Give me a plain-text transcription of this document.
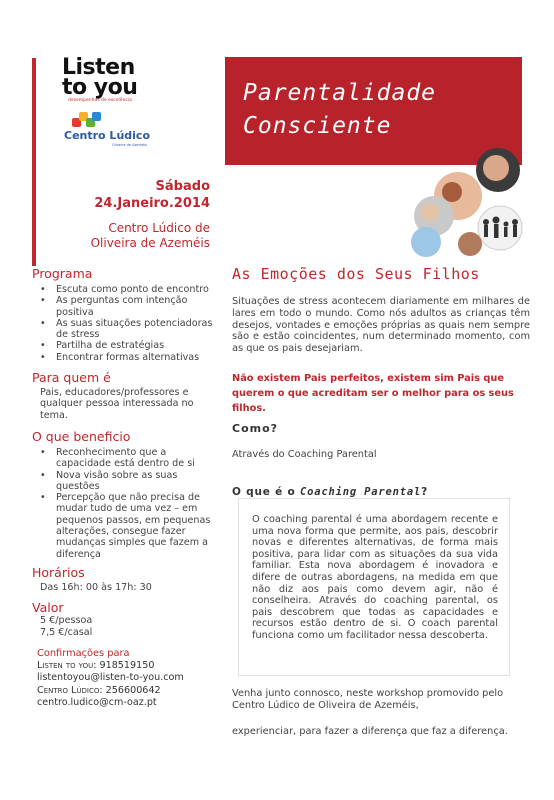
Listen
to you
desempenhos de excelência
Centro Lúdico
Oliveira de Azeméis
Sábado
24.Janeiro.2014
Centro Lúdico de
Oliveira de Azeméis
Parentalidade
Consciente
Programa
• Escuta como ponto de encontro
• As perguntas com intenção positiva
• As suas situações potenciadoras de stress
• Partilha de estratégias
• Encontrar formas alternativas
Para quem é
Pais, educadores/professores e qualquer pessoa interessada no tema.
O que beneficio
• Reconhecimento que a capacidade está dentro de si
• Nova visão sobre as suas questões
• Percepção que não precisa de mudar tudo de uma vez – em pequenos passos, em pequenas alterações, consegue fazer mudanças simples que fazem a diferença
Horários
Das 16h: 00 às 17h: 30
Valor
5 €/pessoa
7,5 €/casal
Confirmações para
Listen to you: 918519150
listentoyou@listen-to-you.com
Centro Lúdico: 256600642
centro.ludico@cm-oaz.pt
As Emoções dos Seus Filhos
Situações de stress acontecem diariamente em milhares de lares em todo o mundo. Como nós adultos as crianças têm desejos, vontades e emoções próprias as quais nem sempre são e estão coincidentes, num determinado momento, com as que os pais desejariam.
Não existem Pais perfeitos, existem sim Pais que querem o que acreditam ser o melhor para os seus filhos.
Como?
Através do Coaching Parental
O que é o Coaching Parental?
O coaching parental é uma abordagem recente e uma nova forma que permite, aos pais, descobrir novas e diferentes alternativas, de forma mais positiva, para lidar com as situações da sua vida familiar. Esta nova abordagem é inovadora e difere de outras abordagens, na medida em que não diz aos pais como devem agir, não é conselheira. Através do coaching parental, os pais descobrem que todas as capacidades e recursos estão dentro de si. O coach parental funciona como um facilitador nessa descoberta.
Venha junto connosco, neste workshop promovido pelo Centro Lúdico de Oliveira de Azeméis,
experienciar, para fazer a diferença que faz a diferença.
